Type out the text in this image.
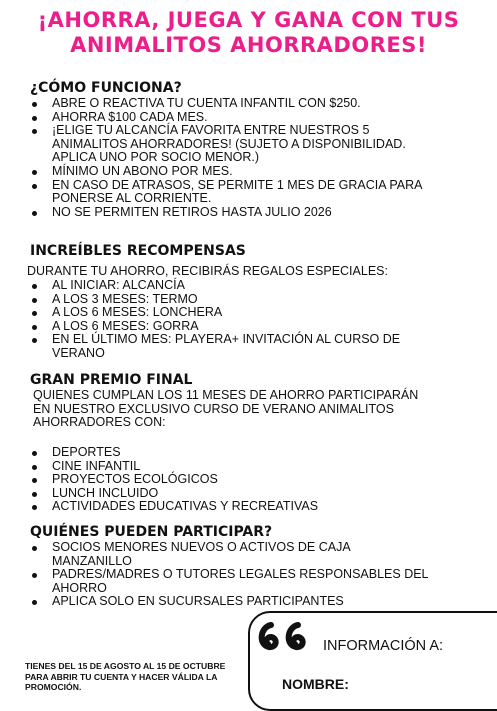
¡AHORRA, JUEGA Y GANA CON TUS
ANIMALITOS AHORRADORES!
¿CÓMO FUNCIONA?
ABRE O REACTIVA TU CUENTA INFANTIL CON $250.
AHORRA $100 CADA MES.
¡ELIGE TU ALCANCÍA FAVORITA ENTRE NUESTROS 5
ANIMALITOS AHORRADORES! (SUJETO A DISPONIBILIDAD.
APLICA UNO POR SOCIO MENOR.)
MÍNIMO UN ABONO POR MES.
EN CASO DE ATRASOS, SE PERMITE 1 MES DE GRACIA PARA
PONERSE AL CORRIENTE.
NO SE PERMITEN RETIROS HASTA JULIO 2026
INCREÍBLES RECOMPENSAS
DURANTE TU AHORRO, RECIBIRÁS REGALOS ESPECIALES:
AL INICIAR: ALCANCÍA
A LOS 3 MESES: TERMO
A LOS 6 MESES: LONCHERA
A LOS 6 MESES: GORRA
EN EL ÚLTIMO MES: PLAYERA+ INVITACIÓN AL CURSO DE
VERANO
GRAN PREMIO FINAL
QUIENES CUMPLAN LOS 11 MESES DE AHORRO PARTICIPARÁN
EN NUESTRO EXCLUSIVO CURSO DE VERANO ANIMALITOS
AHORRADORES CON:
DEPORTES
CINE INFANTIL
PROYECTOS ECOLÓGICOS
LUNCH INCLUIDO
ACTIVIDADES EDUCATIVAS Y RECREATIVAS
QUIÉNES PUEDEN PARTICIPAR?
SOCIOS MENORES NUEVOS O ACTIVOS DE CAJA
MANZANILLO
PADRES/MADRES O TUTORES LEGALES RESPONSABLES DEL
AHORRO
APLICA SOLO EN SUCURSALES PARTICIPANTES
TIENES DEL 15 DE AGOSTO AL 15 DE OCTUBRE
PARA ABRIR TU CUENTA Y HACER VÁLIDA LA
PROMOCIÓN.
INFORMACIÓN A:
NOMBRE:
